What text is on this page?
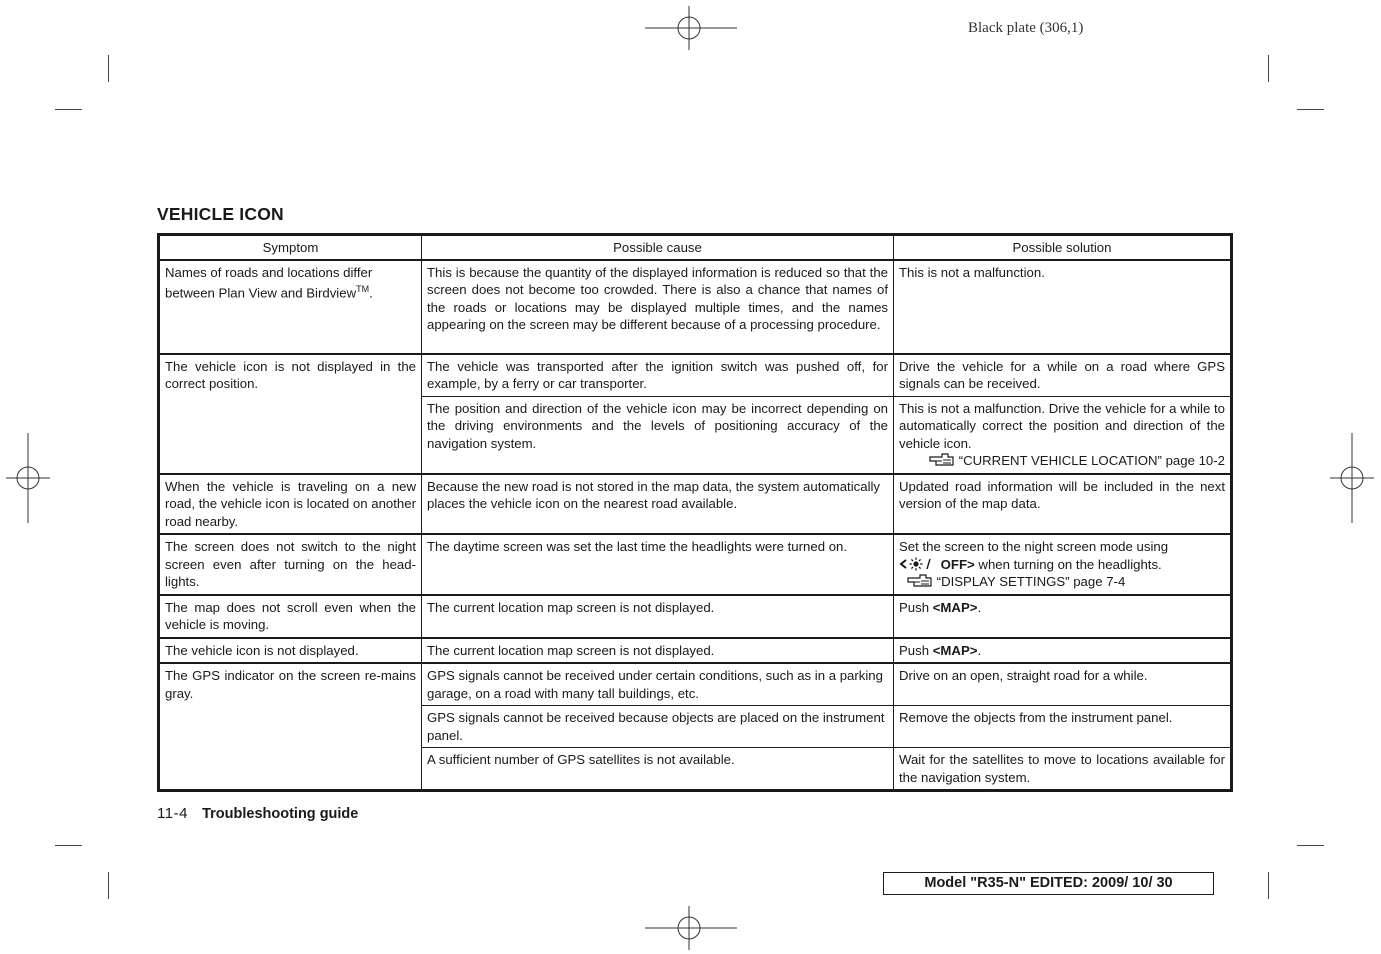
Black plate (306,1)
VEHICLE ICON
Symptom	Possible cause	Possible solution
Names of roads and locations differ between Plan View and Birdview™.	This is because the quantity of the displayed information is reduced so that the screen does not become too crowded. There is also a chance that names of the roads or locations may be displayed multiple times, and the names appearing on the screen may be different because of a processing procedure.	This is not a malfunction.
The vehicle icon is not displayed in the correct position.	The vehicle was transported after the ignition switch was pushed off, for example, by a ferry or car transporter.	Drive the vehicle for a while on a road where GPS signals can be received.
	The position and direction of the vehicle icon may be incorrect depending on the driving environments and the levels of positioning accuracy of the navigation system.	This is not a malfunction. Drive the vehicle for a while to automatically correct the position and direction of the vehicle icon.
“CURRENT VEHICLE LOCATION” page 10-2

When the vehicle is traveling on a new road, the vehicle icon is located on another road nearby.	Because the new road is not stored in the map data, the system automatically places the vehicle icon on the nearest road available.	Updated road information will be included in the next version of the map data.
The screen does not switch to the night screen even after turning on the head-lights.	The daytime screen was set the last time the headlights were turned on.	Set the screen to the night screen mode using
OFF> when turning on the headlights.
“DISPLAY SETTINGS” page 7-4

The map does not scroll even when the vehicle is moving.	The current location map screen is not displayed.	Push <MAP>.
The vehicle icon is not displayed.	The current location map screen is not displayed.	Push <MAP>.
The GPS indicator on the screen re-mains gray.	GPS signals cannot be received under certain conditions, such as in a parking garage, on a road with many tall buildings, etc.	Drive on an open, straight road for a while.
	GPS signals cannot be received because objects are placed on the instrument panel.	Remove the objects from the instrument panel.
	A sufficient number of GPS satellites is not available.	Wait for the satellites to move to locations available for the navigation system.
11-4 Troubleshooting guide
Model "R35-N" EDITED: 2009/ 10/ 30
